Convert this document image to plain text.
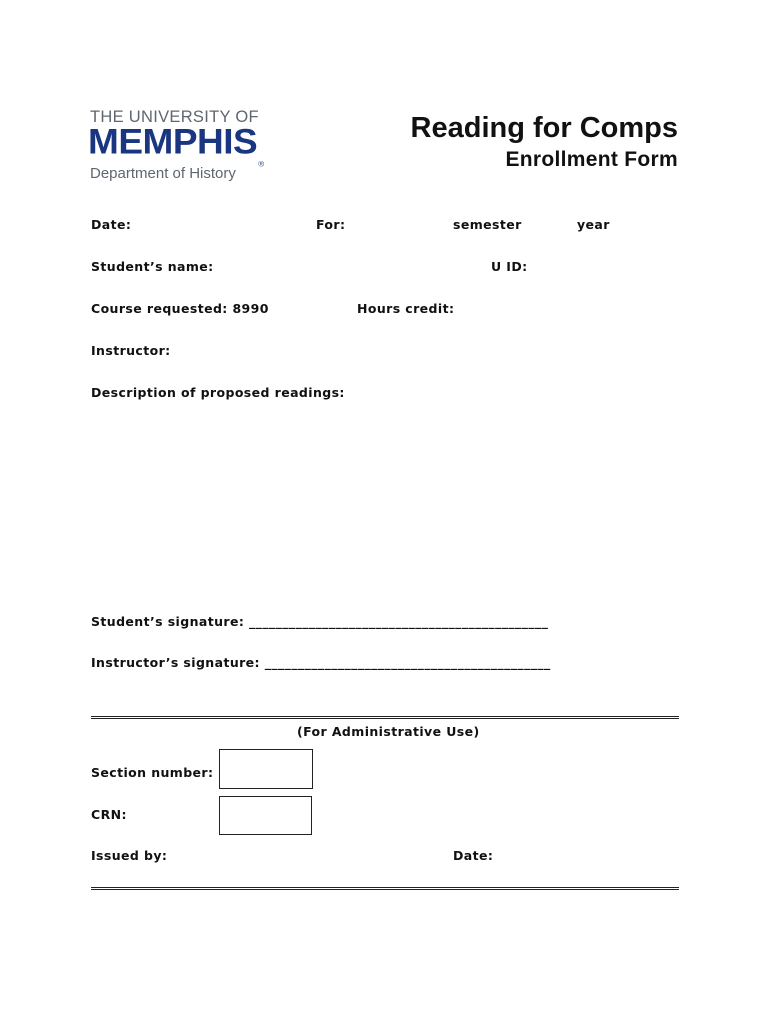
THE UNIVERSITY OF
MEMPHIS®
Department of History
Reading for Comps
Enrollment Form
Date:	For:	semester	year
Student’s name:	U ID:
Course requested: 8990	Hours credit:
Instructor:
Description of proposed readings:
Student’s signature: _____________________________________________
Instructor’s signature: ___________________________________________
(For Administrative Use)
Section number:
CRN:
Issued by:	Date:
